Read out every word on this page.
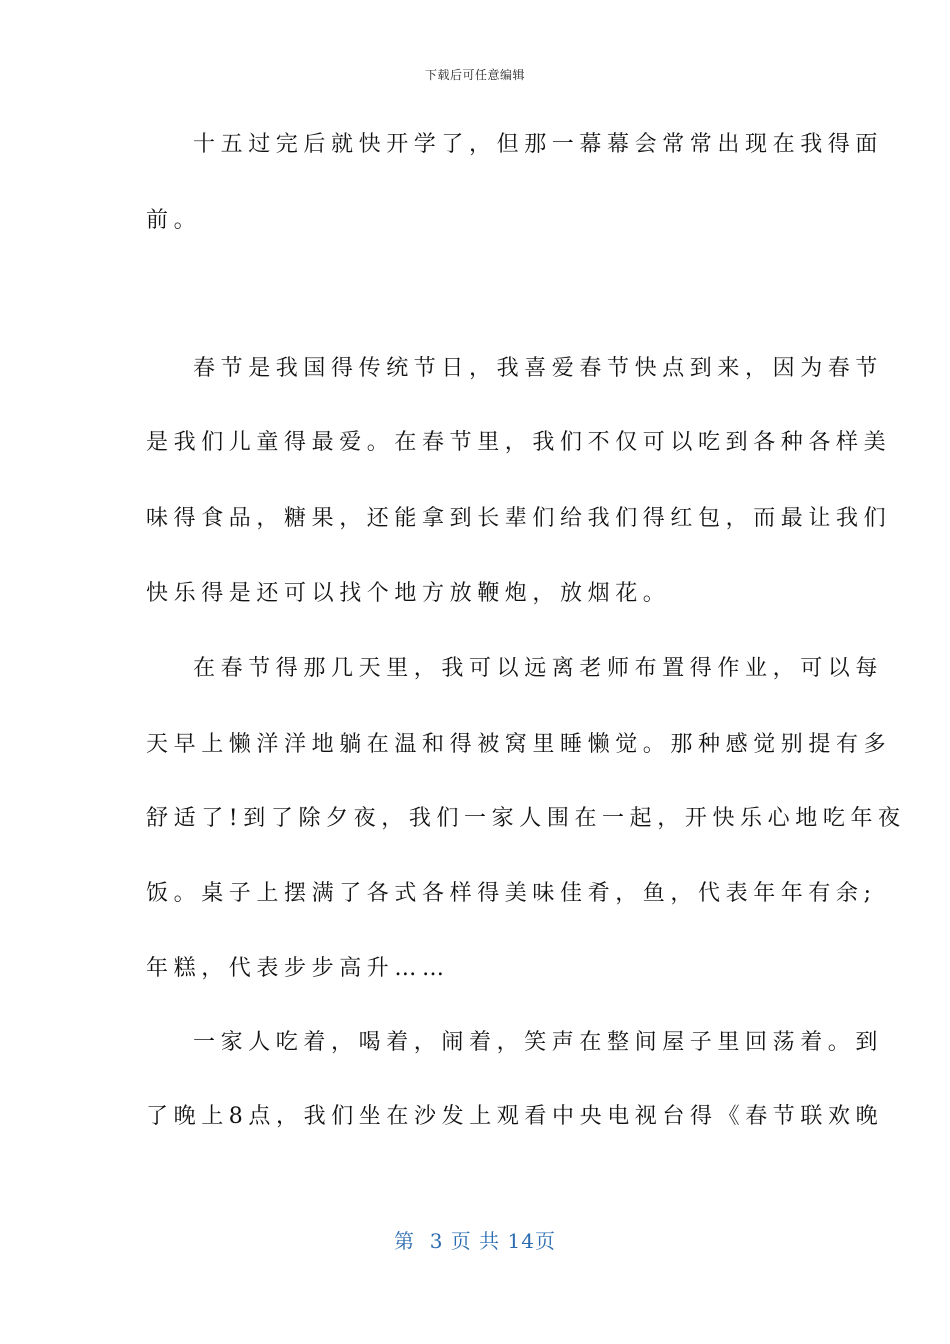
下载后可任意编辑
十五过完后就快开学了，但那一幕幕会常常出现在我得面
前。
春节是我国得传统节日，我喜爱春节快点到来，因为春节
是我们儿童得最爱。在春节里，我们不仅可以吃到各种各样美
味得食品，糖果，还能拿到长辈们给我们得红包，而最让我们
快乐得是还可以找个地方放鞭炮，放烟花。
在春节得那几天里，我可以远离老师布置得作业，可以每
天早上懒洋洋地躺在温和得被窝里睡懒觉。那种感觉别提有多
舒适了!到了除夕夜，我们一家人围在一起，开快乐心地吃年夜
饭。桌子上摆满了各式各样得美味佳肴，鱼，代表年年有余;
年糕，代表步步高升……
一家人吃着，喝着，闹着，笑声在整间屋子里回荡着。到
了晚上8点，我们坐在沙发上观看中央电视台得《春节联欢晚
第  3 页 共 14页
